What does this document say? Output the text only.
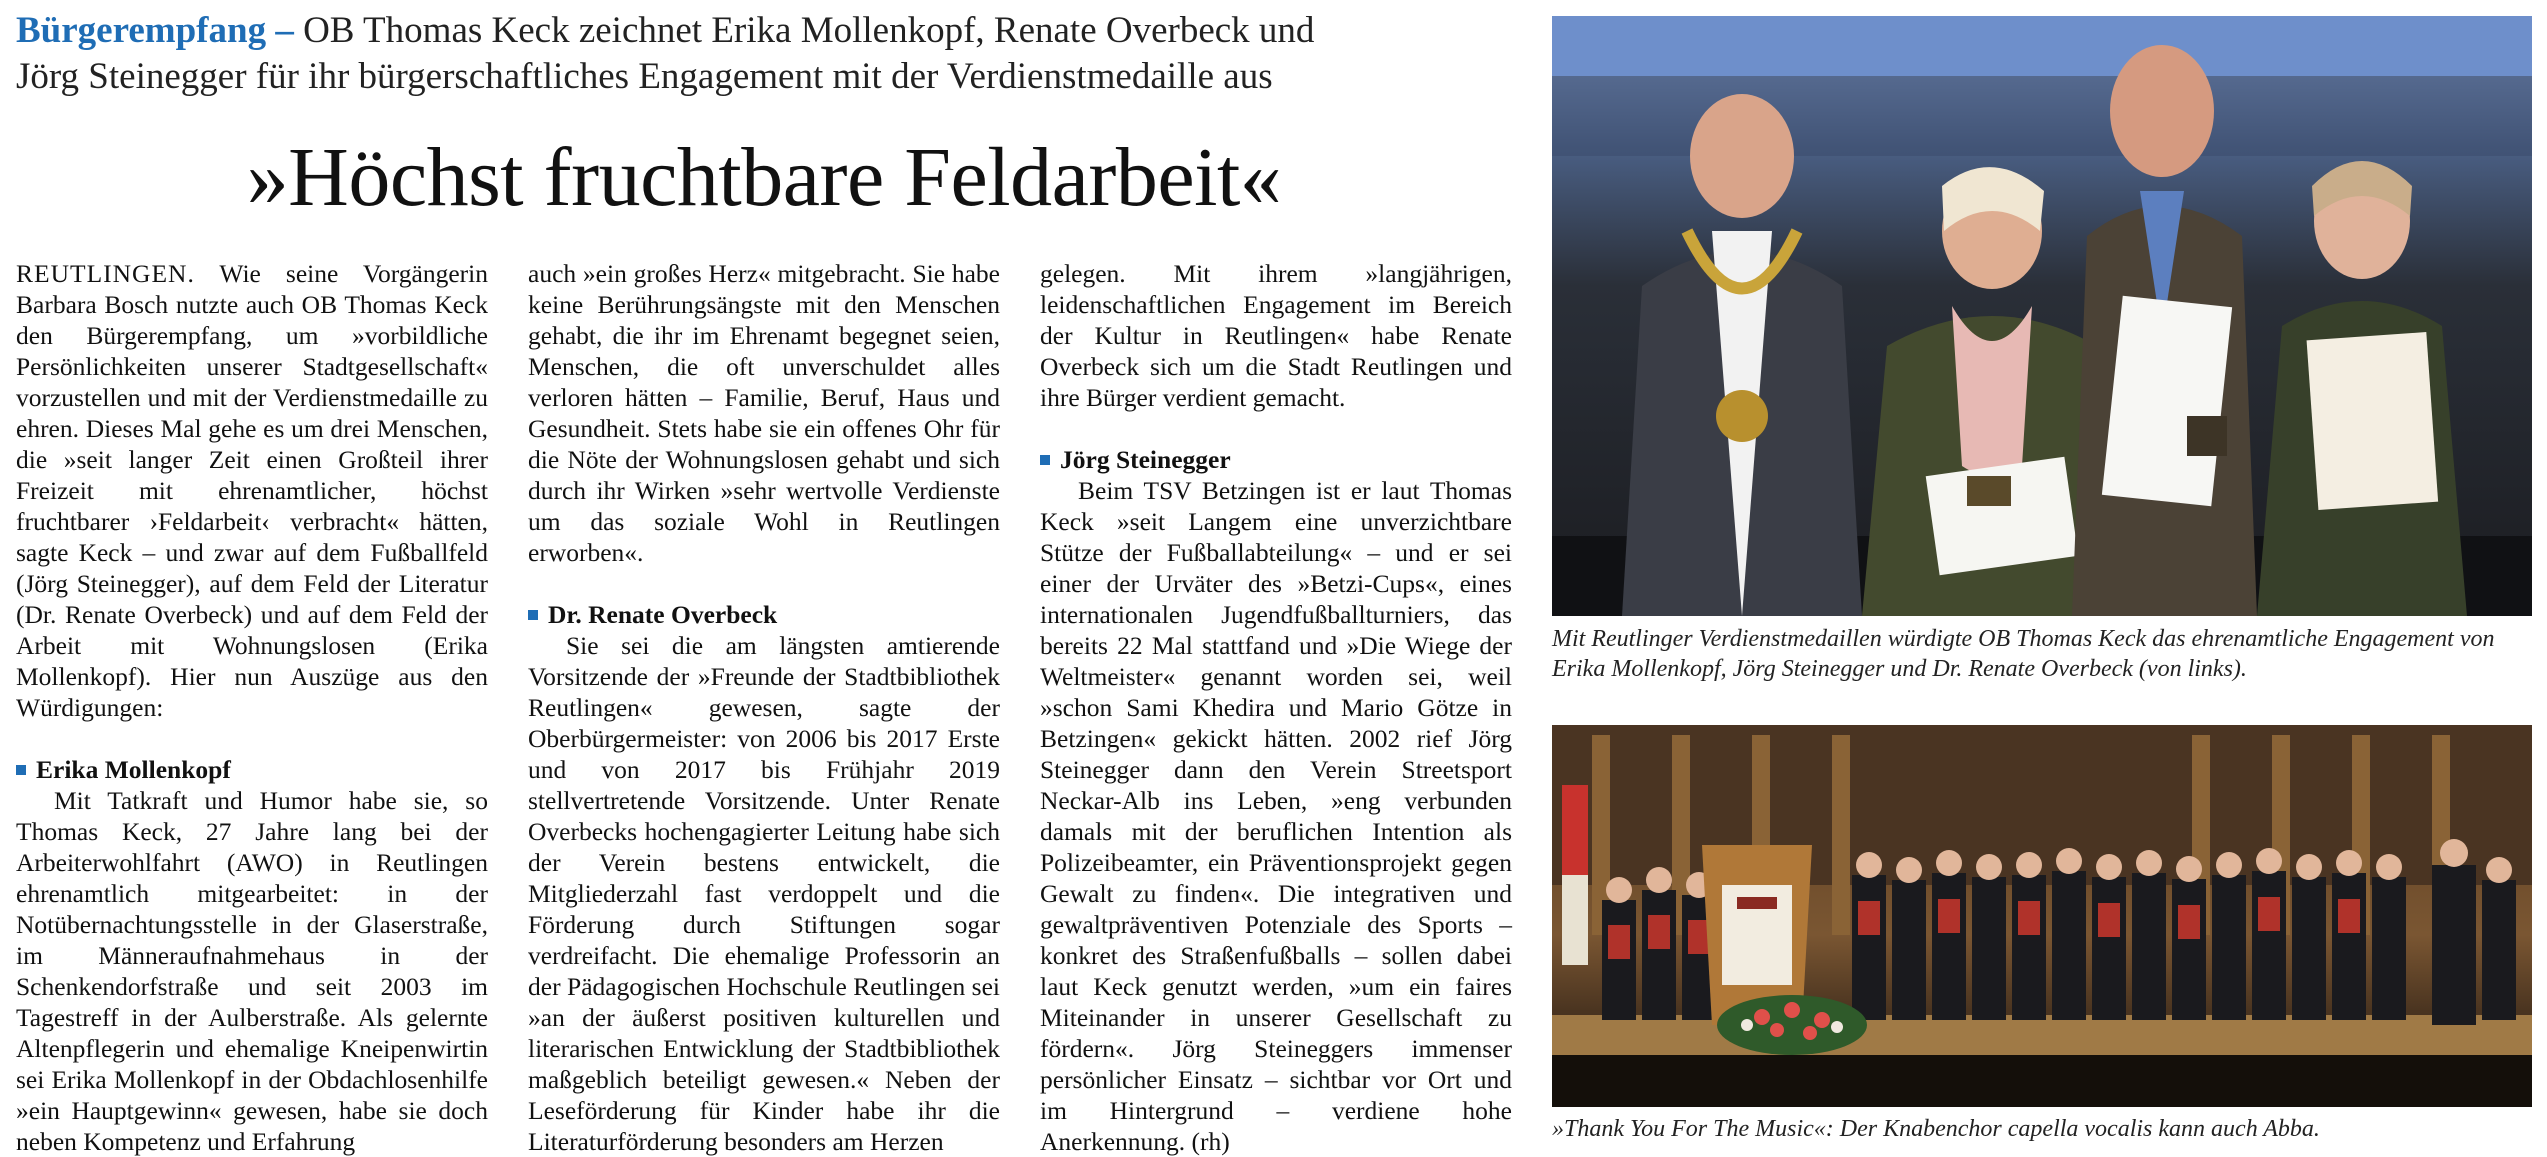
Bürgerempfang – OB Thomas Keck zeichnet Erika Mollenkopf, Renate Overbeck und
Jörg Steinegger für ihr bürgerschaftliches Engagement mit der Verdienstmedaille aus
»Höchst fruchtbare Feldarbeit«

REUTLINGEN. Wie seine Vorgängerin Barbara Bosch nutzte auch OB Thomas Keck den Bürgerempfang, um »vorbildliche Persönlichkeiten unserer Stadtgesellschaft« vorzustellen und mit der Verdienstmedaille zu ehren. Dieses Mal gehe es um drei Menschen, die »seit langer Zeit einen Großteil ihrer Freizeit mit ehrenamtlicher, höchst fruchtbarer ›Feldarbeit‹ verbracht« hätten, sagte Keck – und zwar auf dem Fußballfeld (Jörg Steinegger), auf dem Feld der Literatur (Dr. Renate Overbeck) und auf dem Feld der Arbeit mit Wohnungslosen (Erika Mollenkopf). Hier nun Auszüge aus den Würdigungen:

Erika Mollenkopf

Mit Tatkraft und Humor habe sie, so Thomas Keck, 27 Jahre lang bei der Arbeiterwohlfahrt (AWO) in Reutlingen ehrenamtlich mitgearbeitet: in der Notübernachtungsstelle in der Glaserstraße, im Männeraufnahmehaus in der Schenkendorfstraße und seit 2003 im Tagestreff in der Aulberstraße. Als gelernte Altenpflegerin und ehemalige Kneipenwirtin sei Erika Mollenkopf in der Obdachlosenhilfe »ein Hauptgewinn« gewesen, habe sie doch neben Kompetenz und Erfahrung

auch »ein großes Herz« mitgebracht. Sie habe keine Berührungsängste mit den Menschen gehabt, die ihr im Ehrenamt begegnet seien, Menschen, die oft unverschuldet alles verloren hätten – Familie, Beruf, Haus und Gesundheit. Stets habe sie ein offenes Ohr für die Nöte der Wohnungslosen gehabt und sich durch ihr Wirken »sehr wertvolle Verdienste um das soziale Wohl in Reutlingen erworben«.

Dr. Renate Overbeck

Sie sei die am längsten amtierende Vorsitzende der »Freunde der Stadtbibliothek Reutlingen« gewesen, sagte der Oberbürgermeister: von 2006 bis 2017 Erste und von 2017 bis Frühjahr 2019 stellvertretende Vorsitzende. Unter Renate Overbecks hochengagierter Leitung habe sich der Verein bestens entwickelt, die Mitgliederzahl fast verdoppelt und die Förderung durch Stiftungen sogar verdreifacht. Die ehemalige Professorin an der Pädagogischen Hochschule Reutlingen sei »an der äußerst positiven kulturellen und literarischen Entwicklung der Stadtbibliothek maßgeblich beteiligt gewesen.« Neben der Leseförderung für Kinder habe ihr die Literaturförderung besonders am Herzen

gelegen. Mit ihrem »langjährigen, leidenschaftlichen Engagement im Bereich der Kultur in Reutlingen« habe Renate Overbeck sich um die Stadt Reutlingen und ihre Bürger verdient gemacht.

Jörg Steinegger

Beim TSV Betzingen ist er laut Thomas Keck »seit Langem eine unverzichtbare Stütze der Fußballabteilung« – und er sei einer der Urväter des »Betzi-Cups«, eines internationalen Jugendfußballturniers, das bereits 22 Mal stattfand und »Die Wiege der Weltmeister« genannt worden sei, weil »schon Sami Khedira und Mario Götze in Betzingen« gekickt hätten. 2002 rief Jörg Steinegger dann den Verein Streetsport Neckar-Alb ins Leben, »eng verbunden damals mit der beruflichen Intention als Polizeibeamter, ein Präventionsprojekt gegen Gewalt zu finden«. Die integrativen und gewaltpräventiven Potenziale des Sports – konkret des Straßenfußballs – sollen dabei laut Keck genutzt werden, »um ein faires Miteinander in unserer Gesellschaft zu fördern«. Jörg Steineggers immenser persönlicher Einsatz – sichtbar vor Ort und im Hintergrund – verdiene hohe Anerkennung. (rh)

Mit Reutlinger Verdienstmedaillen würdigte OB Thomas Keck das ehrenamtliche Engagement von Erika Mollenkopf, Jörg Steinegger und Dr. Renate Overbeck (von links).
»Thank You For The Music«: Der Knabenchor capella vocalis kann auch Abba.
